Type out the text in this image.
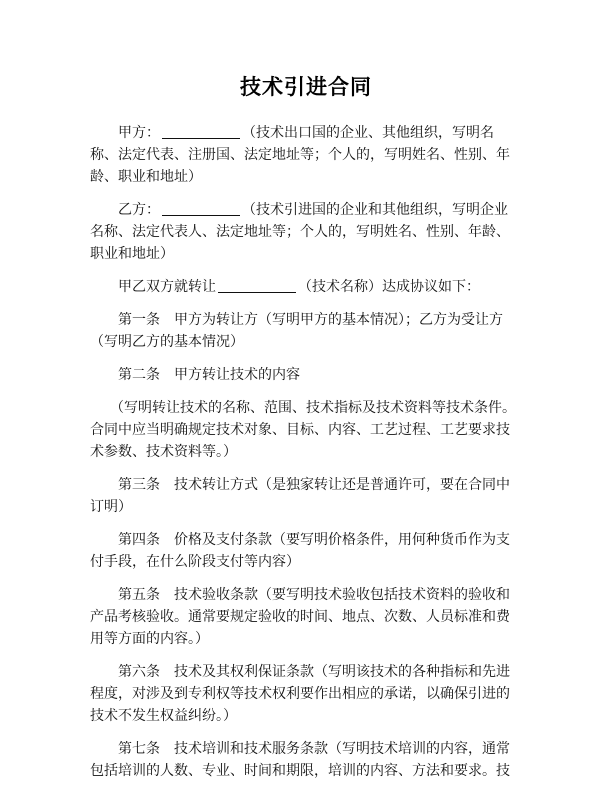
技术引进合同

甲方：	（技术出口国的企业、其他组织，写明名称、法定代表、注册国、法定地址等；个人的，写明姓名、性别、年龄、职业和地址）

乙方：	（技术引进国的企业和其他组织，写明企业名称、法定代表人、法定地址等；个人的，写明姓名、性别、年龄、职业和地址）

甲乙双方就转让	（技术名称）达成协议如下：

第一条 甲方为转让方（写明甲方的基本情况）；乙方为受让方（写明乙方的基本情况）

第二条 甲方转让技术的内容

（写明转让技术的名称、范围、技术指标及技术资料等技术条件。合同中应当明确规定技术对象、目标、内容、工艺过程、工艺要求技术参数、技术资料等。）

第三条 技术转让方式（是独家转让还是普通许可，要在合同中订明）

第四条 价格及支付条款（要写明价格条件，用何种货币作为支付手段，在什么阶段支付等内容）

第五条 技术验收条款（要写明技术验收包括技术资料的验收和产品考核验收。通常要规定验收的时间、地点、次数、人员标准和费用等方面的内容。）

第六条 技术及其权利保证条款（写明该技术的各种指标和先进程度，对涉及到专利权等技术权利要作出相应的承诺，以确保引进的技术不发生权益纠纷。）

第七条 技术培训和技术服务条款（写明技术培训的内容，通常包括培训的人数、专业、时间和期限，培训的内容、方法和要求。技
